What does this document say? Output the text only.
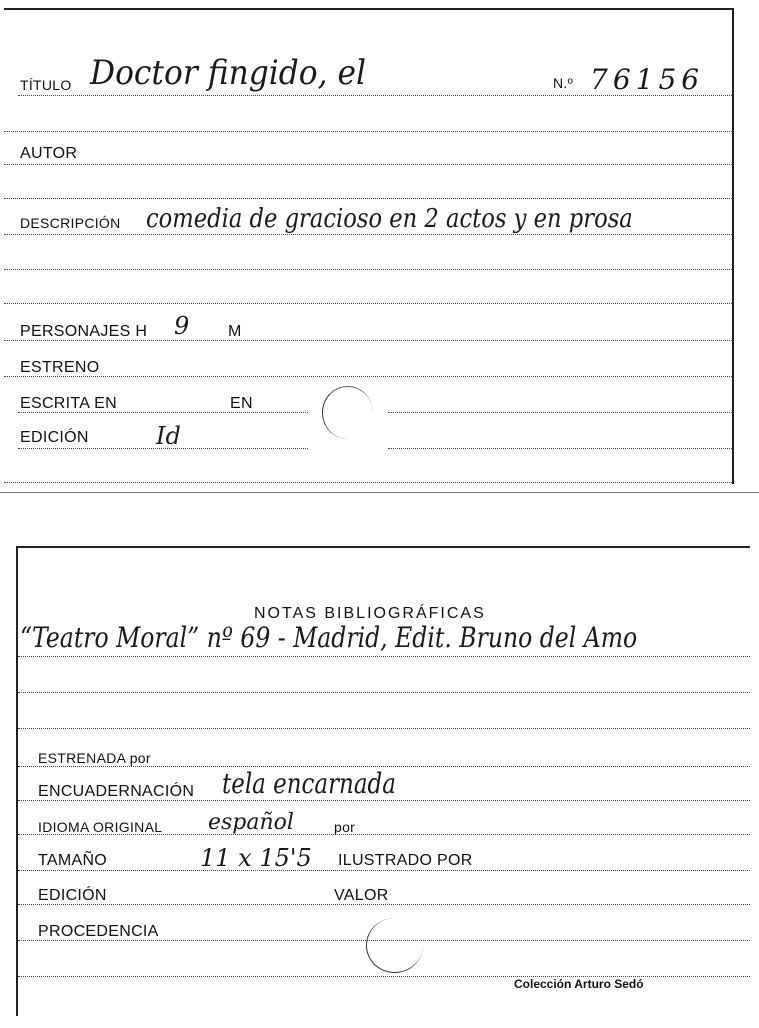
TÍTULO Doctor fingido, el	N.º 76156
AUTOR
DESCRIPCIÓN comedia de gracioso en 2 actos y en prosa
PERSONAJES H 9 M
ESTRENO
ESCRITA EN	EN
EDICIÓN	Id
NOTAS BIBLIOGRÁFICAS
“Teatro Moral” nº 69 - Madrid, Edit. Bruno del Amo
ESTRENADA por
ENCUADERNACIÓN tela encarnada
IDIOMA ORIGINAL español	por
TAMAÑO	11 x 15'5 ILUSTRADO POR
EDICIÓN	VALOR
PROCEDENCIA
Colección Arturo Sedó
